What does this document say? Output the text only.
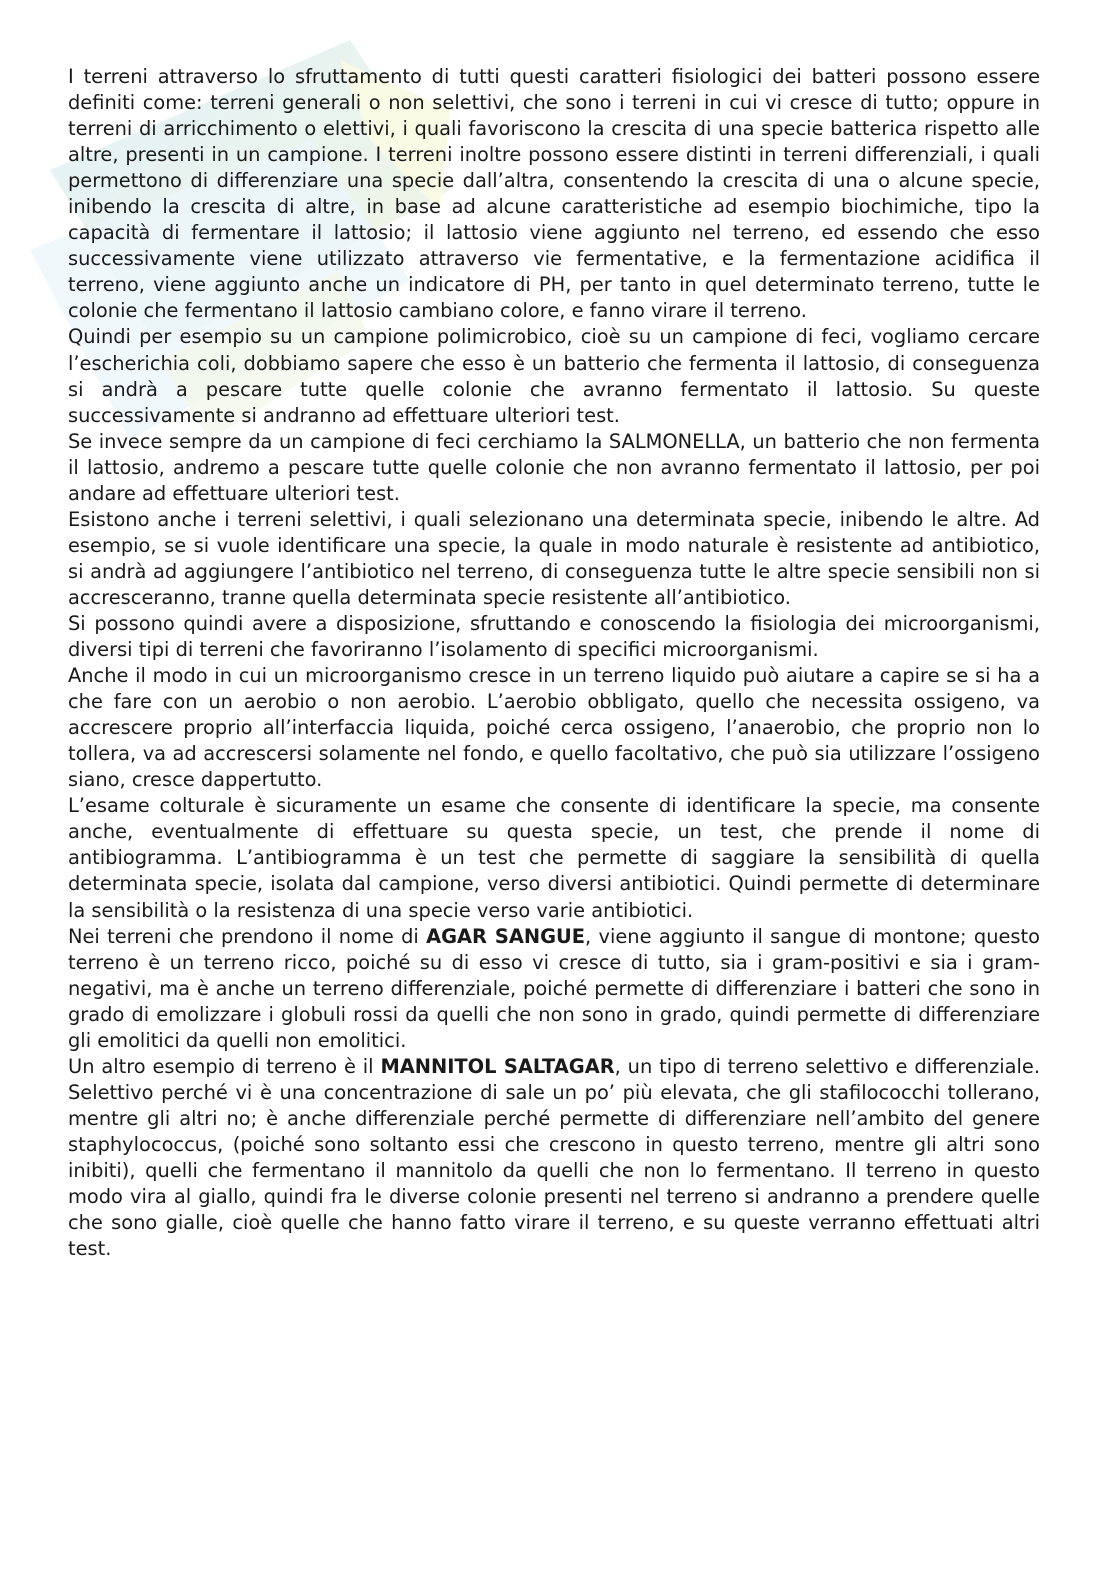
I terreni attraverso lo sfruttamento di tutti questi caratteri fisiologici dei batteri possono essere definiti come: terreni generali o non selettivi, che sono i terreni in cui vi cresce di tutto; oppure in terreni di arricchimento o elettivi, i quali favoriscono la crescita di una specie batterica rispetto alle altre, presenti in un campione. I terreni inoltre possono essere distinti in terreni differenziali, i quali permettono di differenziare una specie dall’altra, consentendo la crescita di una o alcune specie, inibendo la crescita di altre, in base ad alcune caratteristiche ad esempio biochimiche, tipo la capacità di fermentare il lattosio; il lattosio viene aggiunto nel terreno, ed essendo che esso successivamente viene utilizzato attraverso vie fermentative, e la fermentazione acidifica il terreno, viene aggiunto anche un indicatore di PH, per tanto in quel determinato terreno, tutte le colonie che fermentano il lattosio cambiano colore, e fanno virare il terreno.

Quindi per esempio su un campione polimicrobico, cioè su un campione di feci, vogliamo cercare l’escherichia coli, dobbiamo sapere che esso è un batterio che fermenta il lattosio, di conseguenza si andrà a pescare tutte quelle colonie che avranno fermentato il lattosio. Su queste successivamente si andranno ad effettuare ulteriori test.

Se invece sempre da un campione di feci cerchiamo la SALMONELLA, un batterio che non fermenta il lattosio, andremo a pescare tutte quelle colonie che non avranno fermentato il lattosio, per poi andare ad effettuare ulteriori test.

Esistono anche i terreni selettivi, i quali selezionano una determinata specie, inibendo le altre. Ad esempio, se si vuole identificare una specie, la quale in modo naturale è resistente ad antibiotico, si andrà ad aggiungere l’antibiotico nel terreno, di conseguenza tutte le altre specie sensibili non si accresceranno, tranne quella determinata specie resistente all’antibiotico.

Si possono quindi avere a disposizione, sfruttando e conoscendo la fisiologia dei microorganismi, diversi tipi di terreni che favoriranno l’isolamento di specifici microorganismi.

Anche il modo in cui un microorganismo cresce in un terreno liquido può aiutare a capire se si ha a che fare con un aerobio o non aerobio. L’aerobio obbligato, quello che necessita ossigeno, va accrescere proprio all’interfaccia liquida, poiché cerca ossigeno, l’anaerobio, che proprio non lo tollera, va ad accrescersi solamente nel fondo, e quello facoltativo, che può sia utilizzare l’ossigeno siano, cresce dappertutto.

L’esame colturale è sicuramente un esame che consente di identificare la specie, ma consente anche, eventualmente di effettuare su questa specie, un test, che prende il nome di antibiogramma. L’antibiogramma è un test che permette di saggiare la sensibilità di quella determinata specie, isolata dal campione, verso diversi antibiotici. Quindi permette di determinare la sensibilità o la resistenza di una specie verso varie antibiotici.

Nei terreni che prendono il nome di AGAR SANGUE, viene aggiunto il sangue di montone; questo terreno è un terreno ricco, poiché su di esso vi cresce di tutto, sia i gram-positivi e sia i gram-negativi, ma è anche un terreno differenziale, poiché permette di differenziare i batteri che sono in grado di emolizzare i globuli rossi da quelli che non sono in grado, quindi permette di differenziare gli emolitici da quelli non emolitici.

Un altro esempio di terreno è il MANNITOL SALTAGAR, un tipo di terreno selettivo e differenziale. Selettivo perché vi è una concentrazione di sale un po’ più elevata, che gli stafilococchi tollerano, mentre gli altri no; è anche differenziale perché permette di differenziare nell’ambito del genere staphylococcus, (poiché sono soltanto essi che crescono in questo terreno, mentre gli altri sono inibiti), quelli che fermentano il mannitolo da quelli che non lo fermentano. Il terreno in questo modo vira al giallo, quindi fra le diverse colonie presenti nel terreno si andranno a prendere quelle che sono gialle, cioè quelle che hanno fatto virare il terreno, e su queste verranno effettuati altri test.
